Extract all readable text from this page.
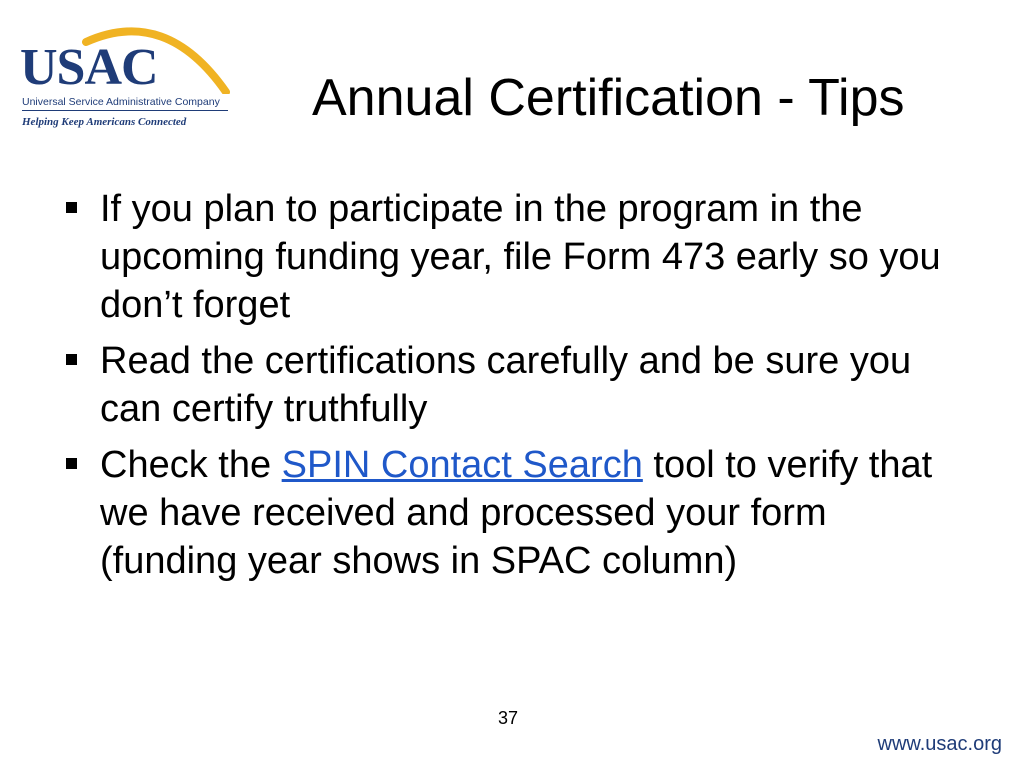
USAC
Universal Service Administrative Company
Helping Keep Americans Connected Annual Certification - Tips
If you plan to participate in the program in the upcoming funding year, file Form 473 early so you don’t forget
Read the certifications carefully and be sure you can certify truthfully
Check the SPIN Contact Search tool to verify that we have received and processed your form (funding year shows in SPAC column)
37
www.usac.org
